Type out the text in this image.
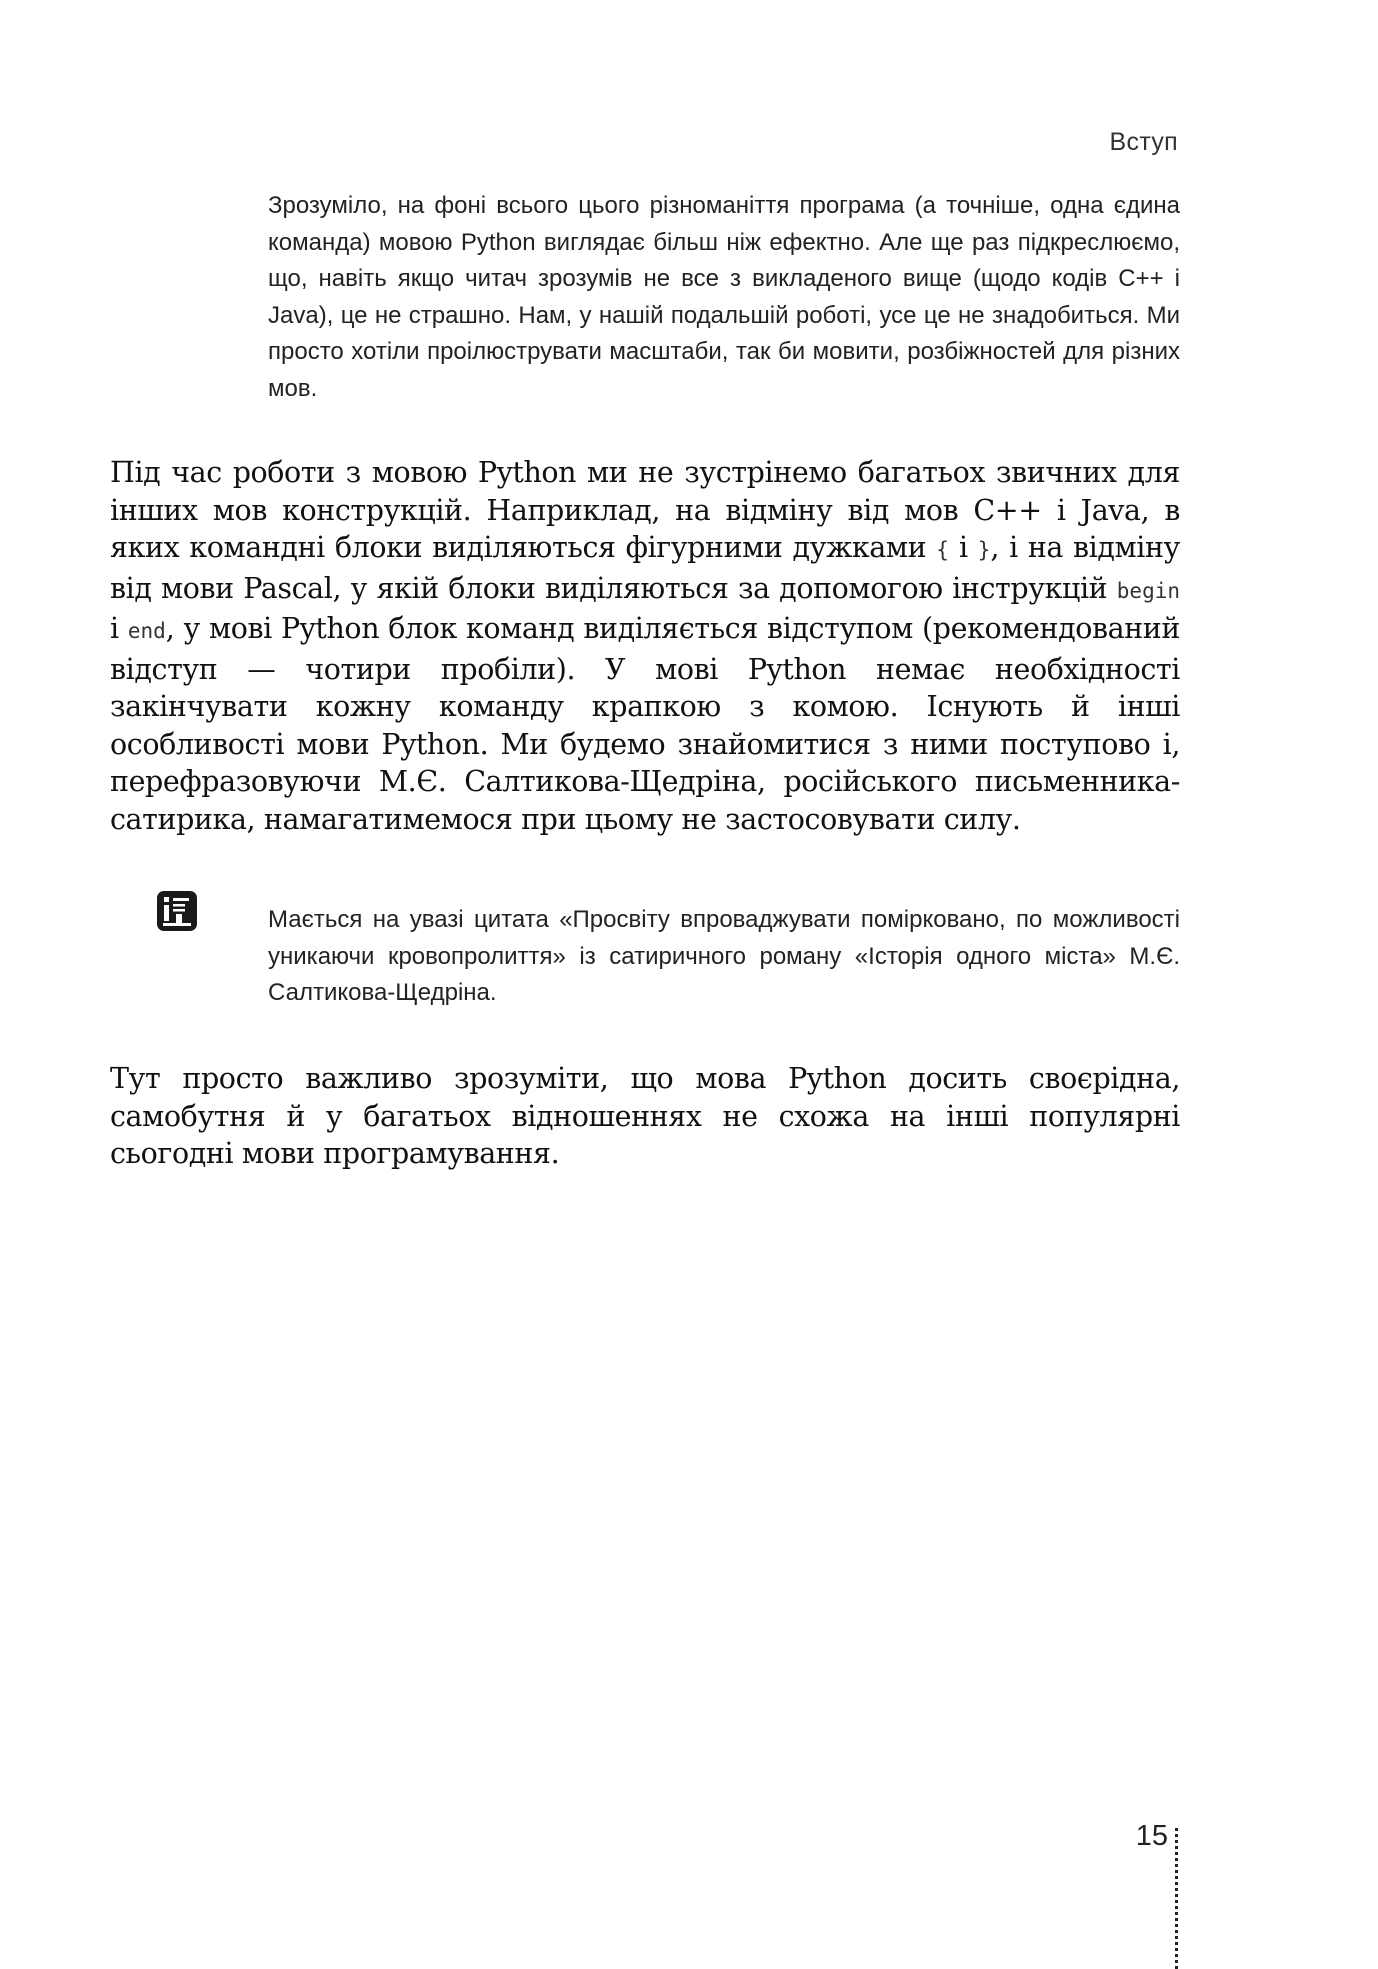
Вступ

Зрозуміло, на фоні всього цього різноманіття програма (а точніше, одна єдина команда) мовою Python виглядає більш ніж ефектно. Але ще раз підкреслюємо, що, навіть якщо читач зрозумів не все з викладеного вище (щодо кодів C++ і Java), це не страшно. Нам, у нашій подальшій роботі, усе це не знадобиться. Ми просто хотіли проілюструвати масштаби, так би мовити, розбіжностей для різних мов.

Під час роботи з мовою Python ми не зустрінемо багатьох звичних для інших мов конструкцій. Наприклад, на відміну від мов C++ і Java, в яких командні блоки виділяються фігурними дужками { і }, і на відміну від мови Pascal, у якій блоки виділяються за допомогою інструкцій begin і end, у мові Python блок команд виділяється відступом (рекомендований відступ — чотири пробіли). У мові Python немає необхідності закінчувати кожну команду крапкою з комою. Існують й інші особливості мови Python. Ми будемо знайомитися з ними поступово і, перефразовуючи М.Є. Салтикова-Щедріна, російського письменника-сатирика, намагатимемося при цьому не застосовувати силу.

Мається на увазі цитата «Просвіту впроваджувати помірковано, по можливості уникаючи кровопролиття» із сатиричного роману «Історія одного міста» М.Є. Салтикова-Щедріна.

Тут просто важливо зрозуміти, що мова Python досить своєрідна, самобутня й у багатьох відношеннях не схожа на інші популярні сьогодні мови програмування.

15
